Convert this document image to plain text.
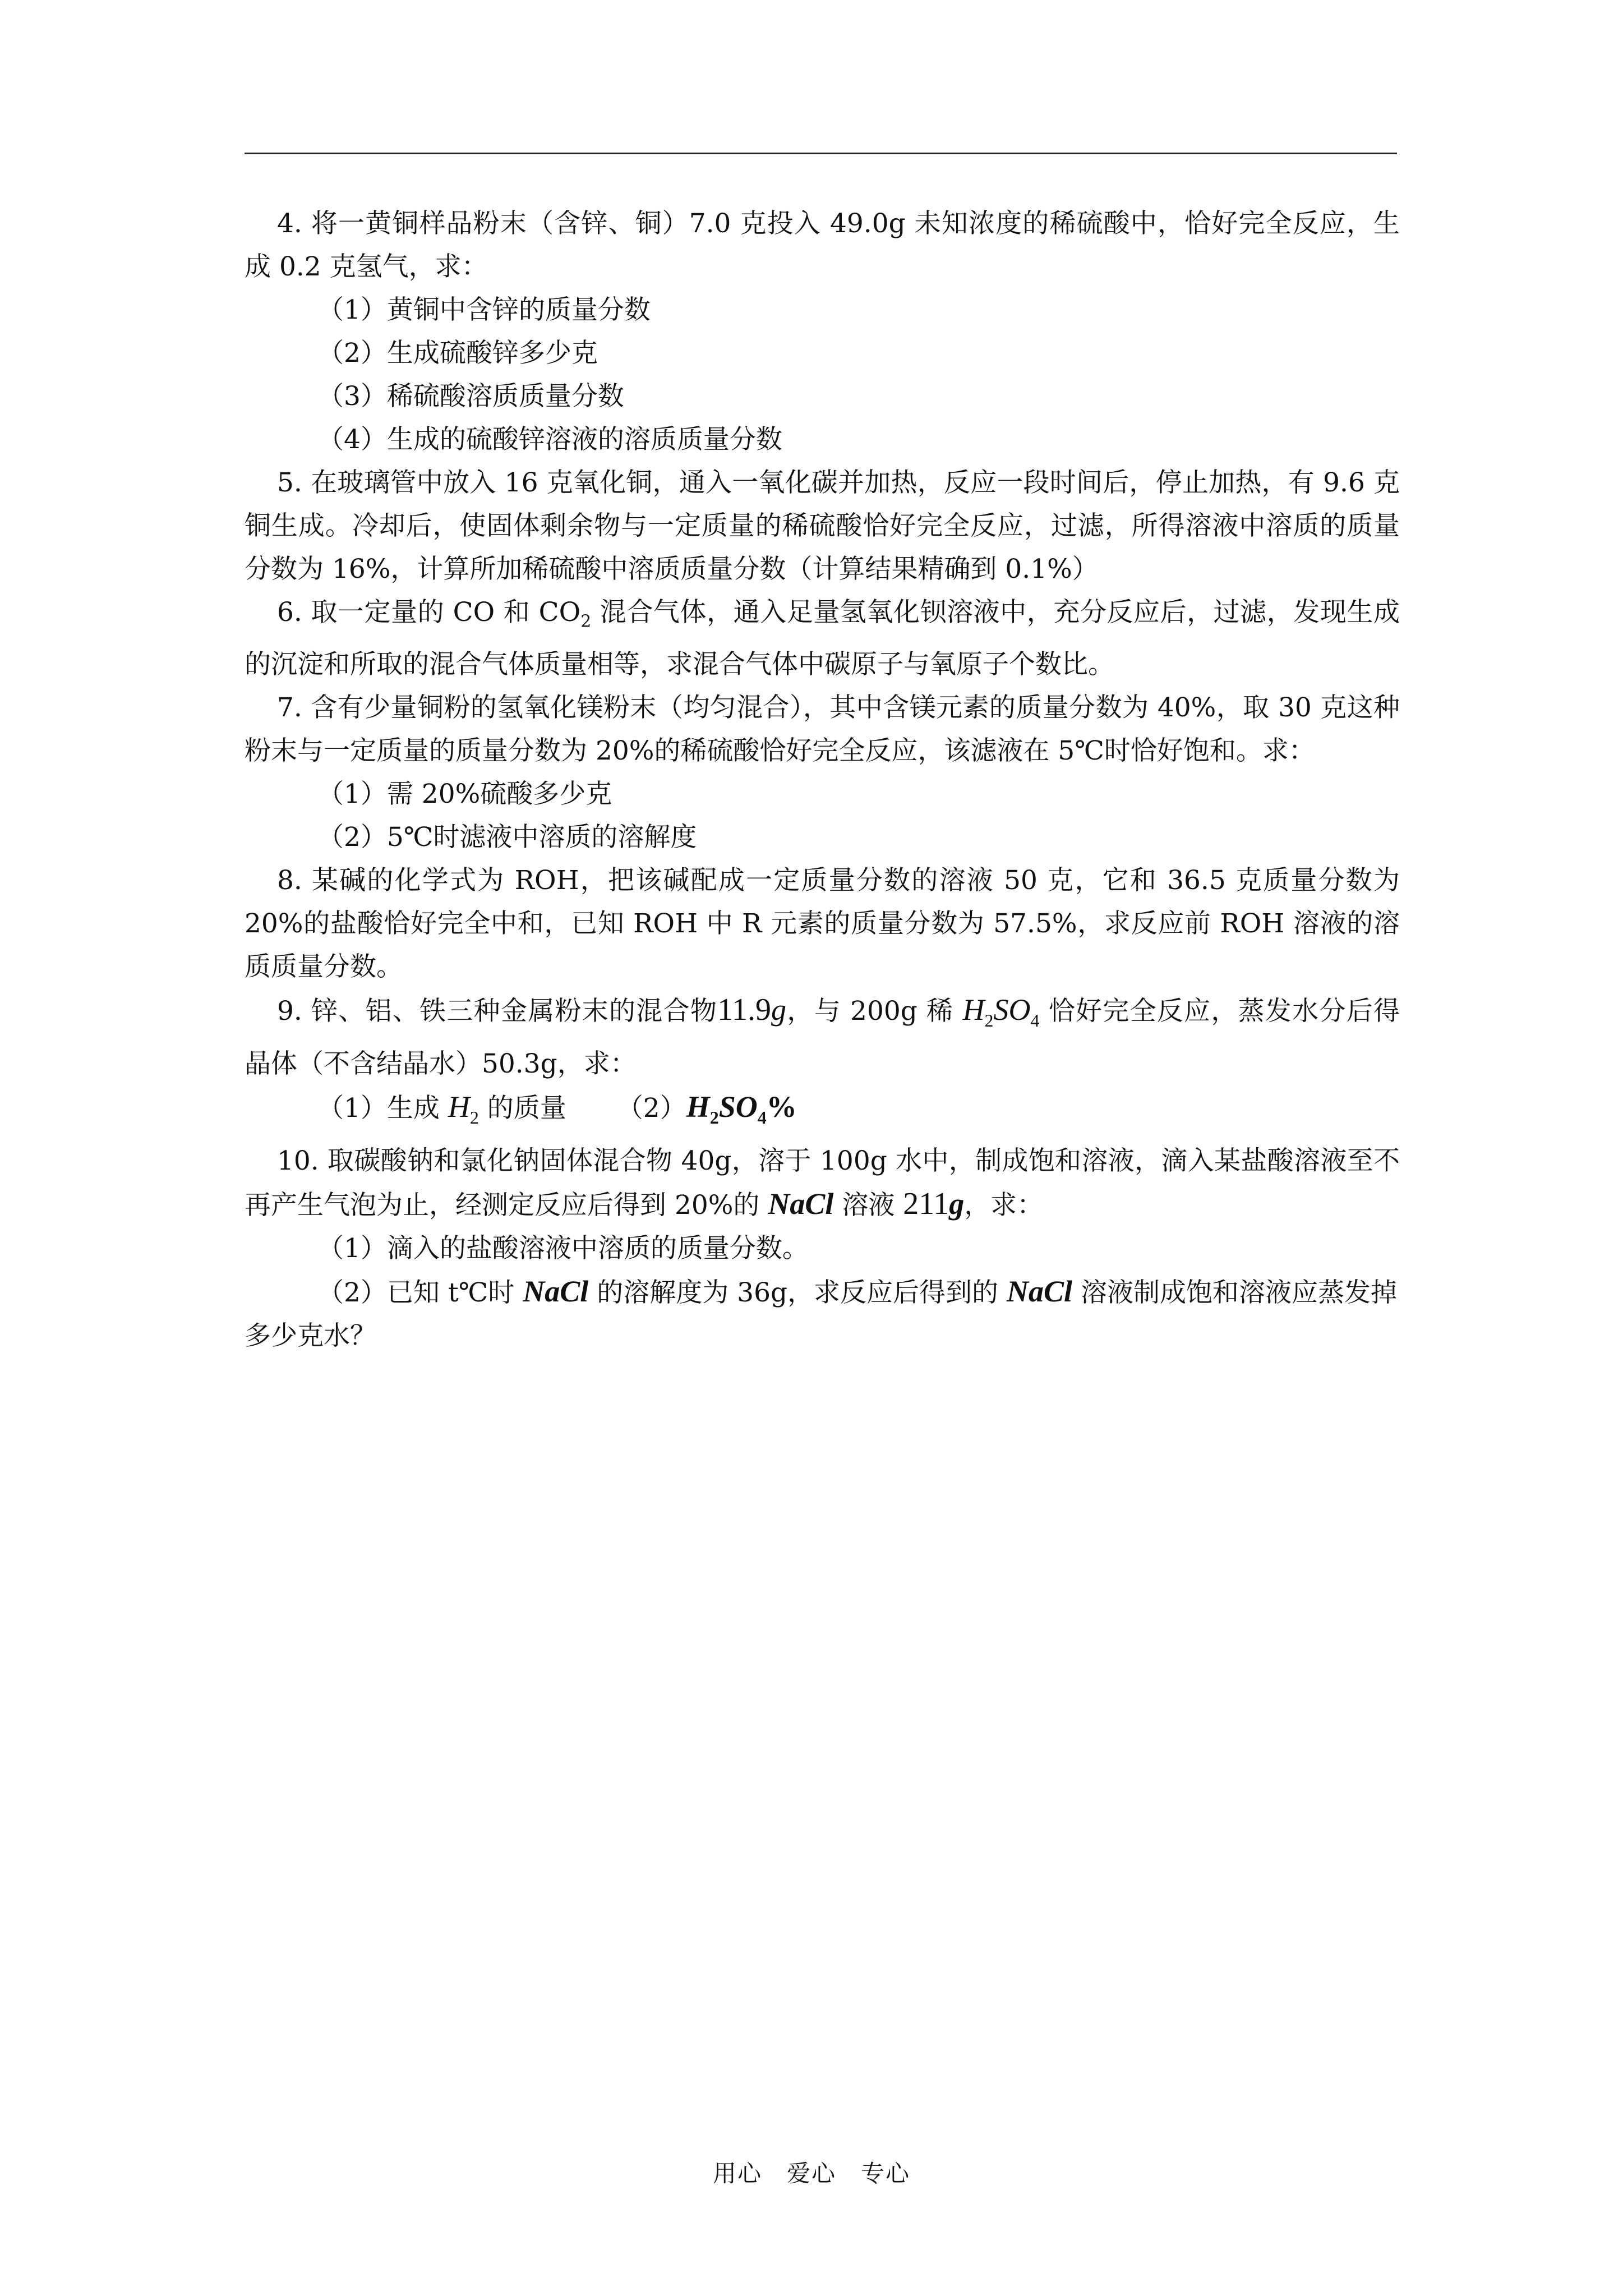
4. 将一黄铜样品粉末（含锌、铜）7.0 克投入 49.0g 未知浓度的稀硫酸中，恰好完全反应，生成 0.2 克氢气，求：

（1）黄铜中含锌的质量分数

（2）生成硫酸锌多少克

（3）稀硫酸溶质质量分数

（4）生成的硫酸锌溶液的溶质质量分数

5. 在玻璃管中放入 16 克氧化铜，通入一氧化碳并加热，反应一段时间后，停止加热，有 9.6 克铜生成。冷却后，使固体剩余物与一定质量的稀硫酸恰好完全反应，过滤，所得溶液中溶质的质量分数为 16%，计算所加稀硫酸中溶质质量分数（计算结果精确到 0.1%）

6. 取一定量的 CO 和 $CO_2$ 混合气体，通入足量氢氧化钡溶液中，充分反应后，过滤，发现生成的沉淀和所取的混合气体质量相等，求混合气体中碳原子与氧原子个数比。

7. 含有少量铜粉的氢氧化镁粉末（均匀混合），其中含镁元素的质量分数为 40%，取 30 克这种粉末与一定质量的质量分数为 20%的稀硫酸恰好完全反应，该滤液在 5℃时恰好饱和。求：

（1）需 20%硫酸多少克

（2）5℃时滤液中溶质的溶解度

8. 某碱的化学式为 ROH，把该碱配成一定质量分数的溶液 50 克，它和 36.5 克质量分数为 20%的盐酸恰好完全中和，已知 ROH 中 R 元素的质量分数为 57.5%，求反应前 ROH 溶液的溶质质量分数。

9. 锌、铝、铁三种金属粉末的混合物11.9g，与 200g 稀 $H_2SO_4$ 恰好完全反应，蒸发水分后得晶体（不含结晶水）50.3g，求：

（1）生成 $H_2$ 的质量 $(2)H_2SO_4\%$

10. 取碳酸钠和氯化钠固体混合物 40g，溶于 100g 水中，制成饱和溶液，滴入某盐酸溶液至不再产生气泡为止，经测定反应后得到 20%的 NaCl 溶液 211g，求：

（1）滴入的盐酸溶液中溶质的质量分数。

（2）已知 t℃时 NaCl 的溶解度为 36g，求反应后得到的 NaCl 溶液制成饱和溶液应蒸发掉多少克水？

用心　爱心　专心
